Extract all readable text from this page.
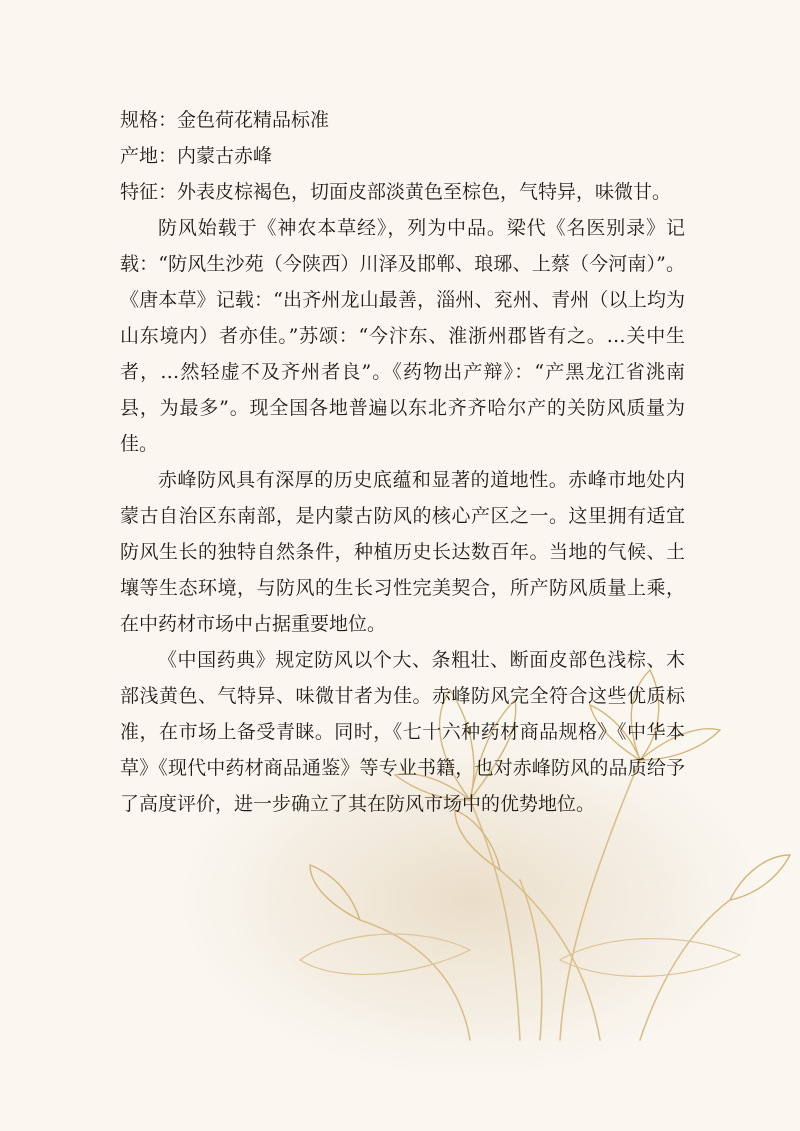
规格：金色荷花精品标准

产地：内蒙古赤峰

特征：外表皮棕褐色，切面皮部淡黄色至棕色，气特异，味微甘。

防风始载于《神农本草经》，列为中品。梁代《名医别录》记载：“防风生沙苑（今陕西）川泽及邯郸、琅琊、上蔡（今河南）”。《唐本草》记载：“出齐州龙山最善，淄州、兖州、青州（以上均为山东境内）者亦佳。”苏颂：“今汴东、淮浙州郡皆有之。…关中生者，…然轻虚不及齐州者良”。《药物出产辩》：“产黑龙江省洮南县，为最多”。现全国各地普遍以东北齐齐哈尔产的关防风质量为佳。

赤峰防风具有深厚的历史底蕴和显著的道地性。赤峰市地处内蒙古自治区东南部，是内蒙古防风的核心产区之一。这里拥有适宜防风生长的独特自然条件，种植历史长达数百年。当地的气候、土壤等生态环境，与防风的生长习性完美契合，所产防风质量上乘，在中药材市场中占据重要地位。

《中国药典》规定防风以个大、条粗壮、断面皮部色浅棕、木部浅黄色、气特异、味微甘者为佳。赤峰防风完全符合这些优质标准，在市场上备受青睐。同时，《七十六种药材商品规格》《中华本草》《现代中药材商品通鉴》等专业书籍，也对赤峰防风的品质给予了高度评价，进一步确立了其在防风市场中的优势地位。
